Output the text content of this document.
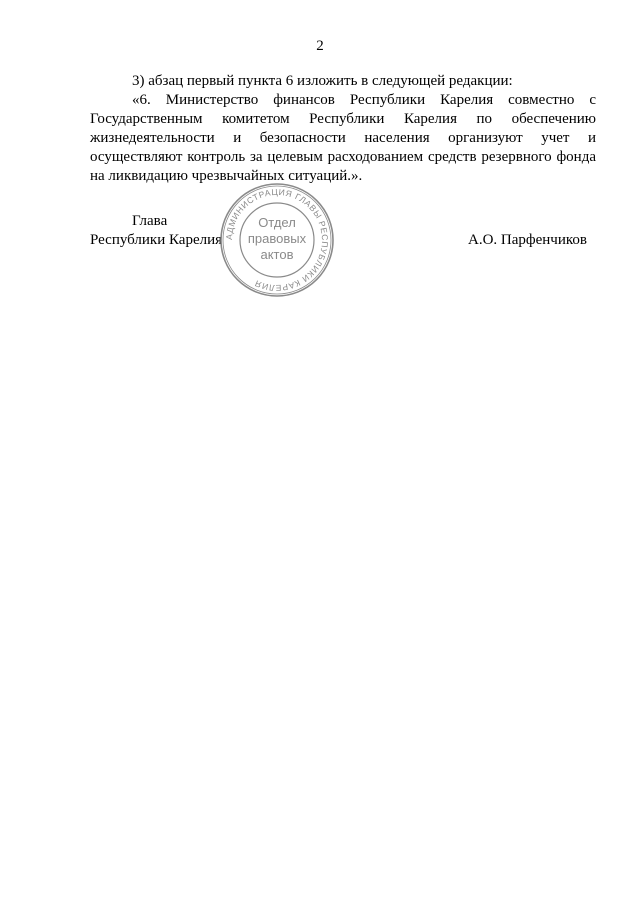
2

3) абзац первый пункта 6 изложить в следующей редакции:

«6. Министерство финансов Республики Карелия совместно с Государственным комитетом Республики Карелия по обеспечению жизнедеятельности и безопасности населения организуют учет и осуществляют контроль за целевым расходованием средств резервного фонда на ликвидацию чрезвычайных ситуаций.».

Глава
Республики Карелия	А.О. Парфенчиков
АДМИНИСТРАЦИЯ ГЛАВЫ РЕСПУБЛИКИ КАРЕЛИЯ
Отдел
правовых
актов
